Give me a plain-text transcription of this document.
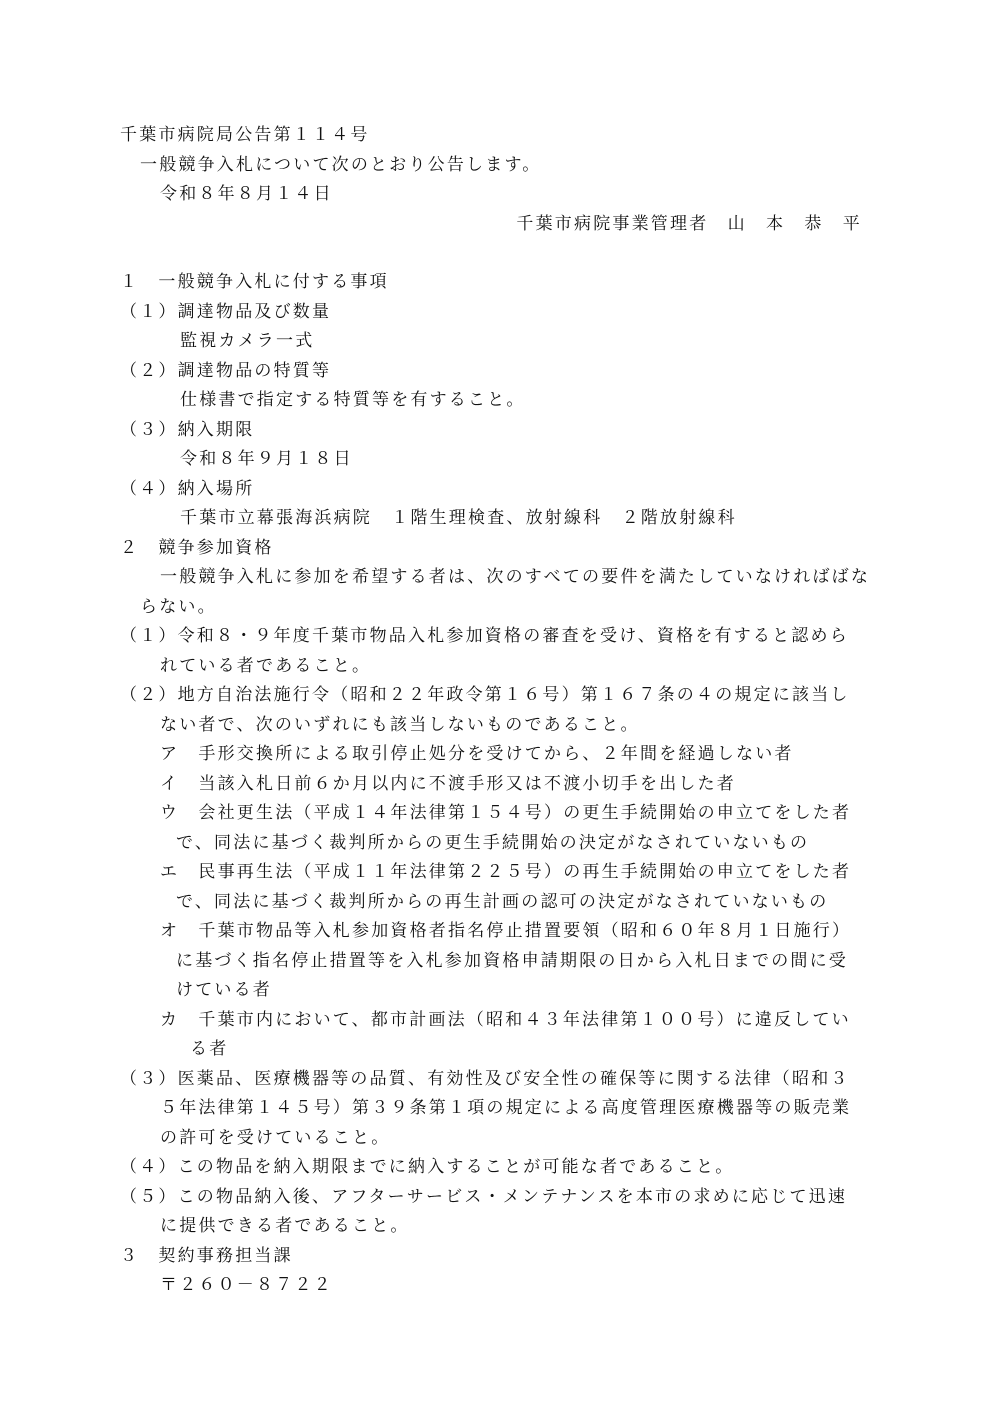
千葉市病院局公告第１１４号
一般競争入札について次のとおり公告します。
令和８年８月１４日
千葉市病院事業管理者　山　本　恭　平
１　一般競争入札に付する事項
（１）調達物品及び数量
監視カメラ一式
（２）調達物品の特質等
仕様書で指定する特質等を有すること。
（３）納入期限
令和８年９月１８日
（４）納入場所
千葉市立幕張海浜病院　１階生理検査、放射線科　２階放射線科
２　競争参加資格
一般競争入札に参加を希望する者は、次のすべての要件を満たしていなければばな
らない。
（１）令和８・９年度千葉市物品入札参加資格の審査を受け、資格を有すると認めら
れている者であること。
（２）地方自治法施行令（昭和２２年政令第１６号）第１６７条の４の規定に該当し
ない者で、次のいずれにも該当しないものであること。
ア　手形交換所による取引停止処分を受けてから、２年間を経過しない者
イ　当該入札日前６か月以内に不渡手形又は不渡小切手を出した者
ウ　会社更生法（平成１４年法律第１５４号）の更生手続開始の申立てをした者
で、同法に基づく裁判所からの更生手続開始の決定がなされていないもの
エ　民事再生法（平成１１年法律第２２５号）の再生手続開始の申立てをした者
で、同法に基づく裁判所からの再生計画の認可の決定がなされていないもの
オ　千葉市物品等入札参加資格者指名停止措置要領（昭和６０年８月１日施行）
に基づく指名停止措置等を入札参加資格申請期限の日から入札日までの間に受
けている者
カ　千葉市内において、都市計画法（昭和４３年法律第１００号）に違反してい
る者
（３）医薬品、医療機器等の品質、有効性及び安全性の確保等に関する法律（昭和３
５年法律第１４５号）第３９条第１項の規定による高度管理医療機器等の販売業
の許可を受けていること。
（４）この物品を納入期限までに納入することが可能な者であること。
（５）この物品納入後、アフターサービス・メンテナンスを本市の求めに応じて迅速
に提供できる者であること。
３　契約事務担当課
〒２６０－８７２２
